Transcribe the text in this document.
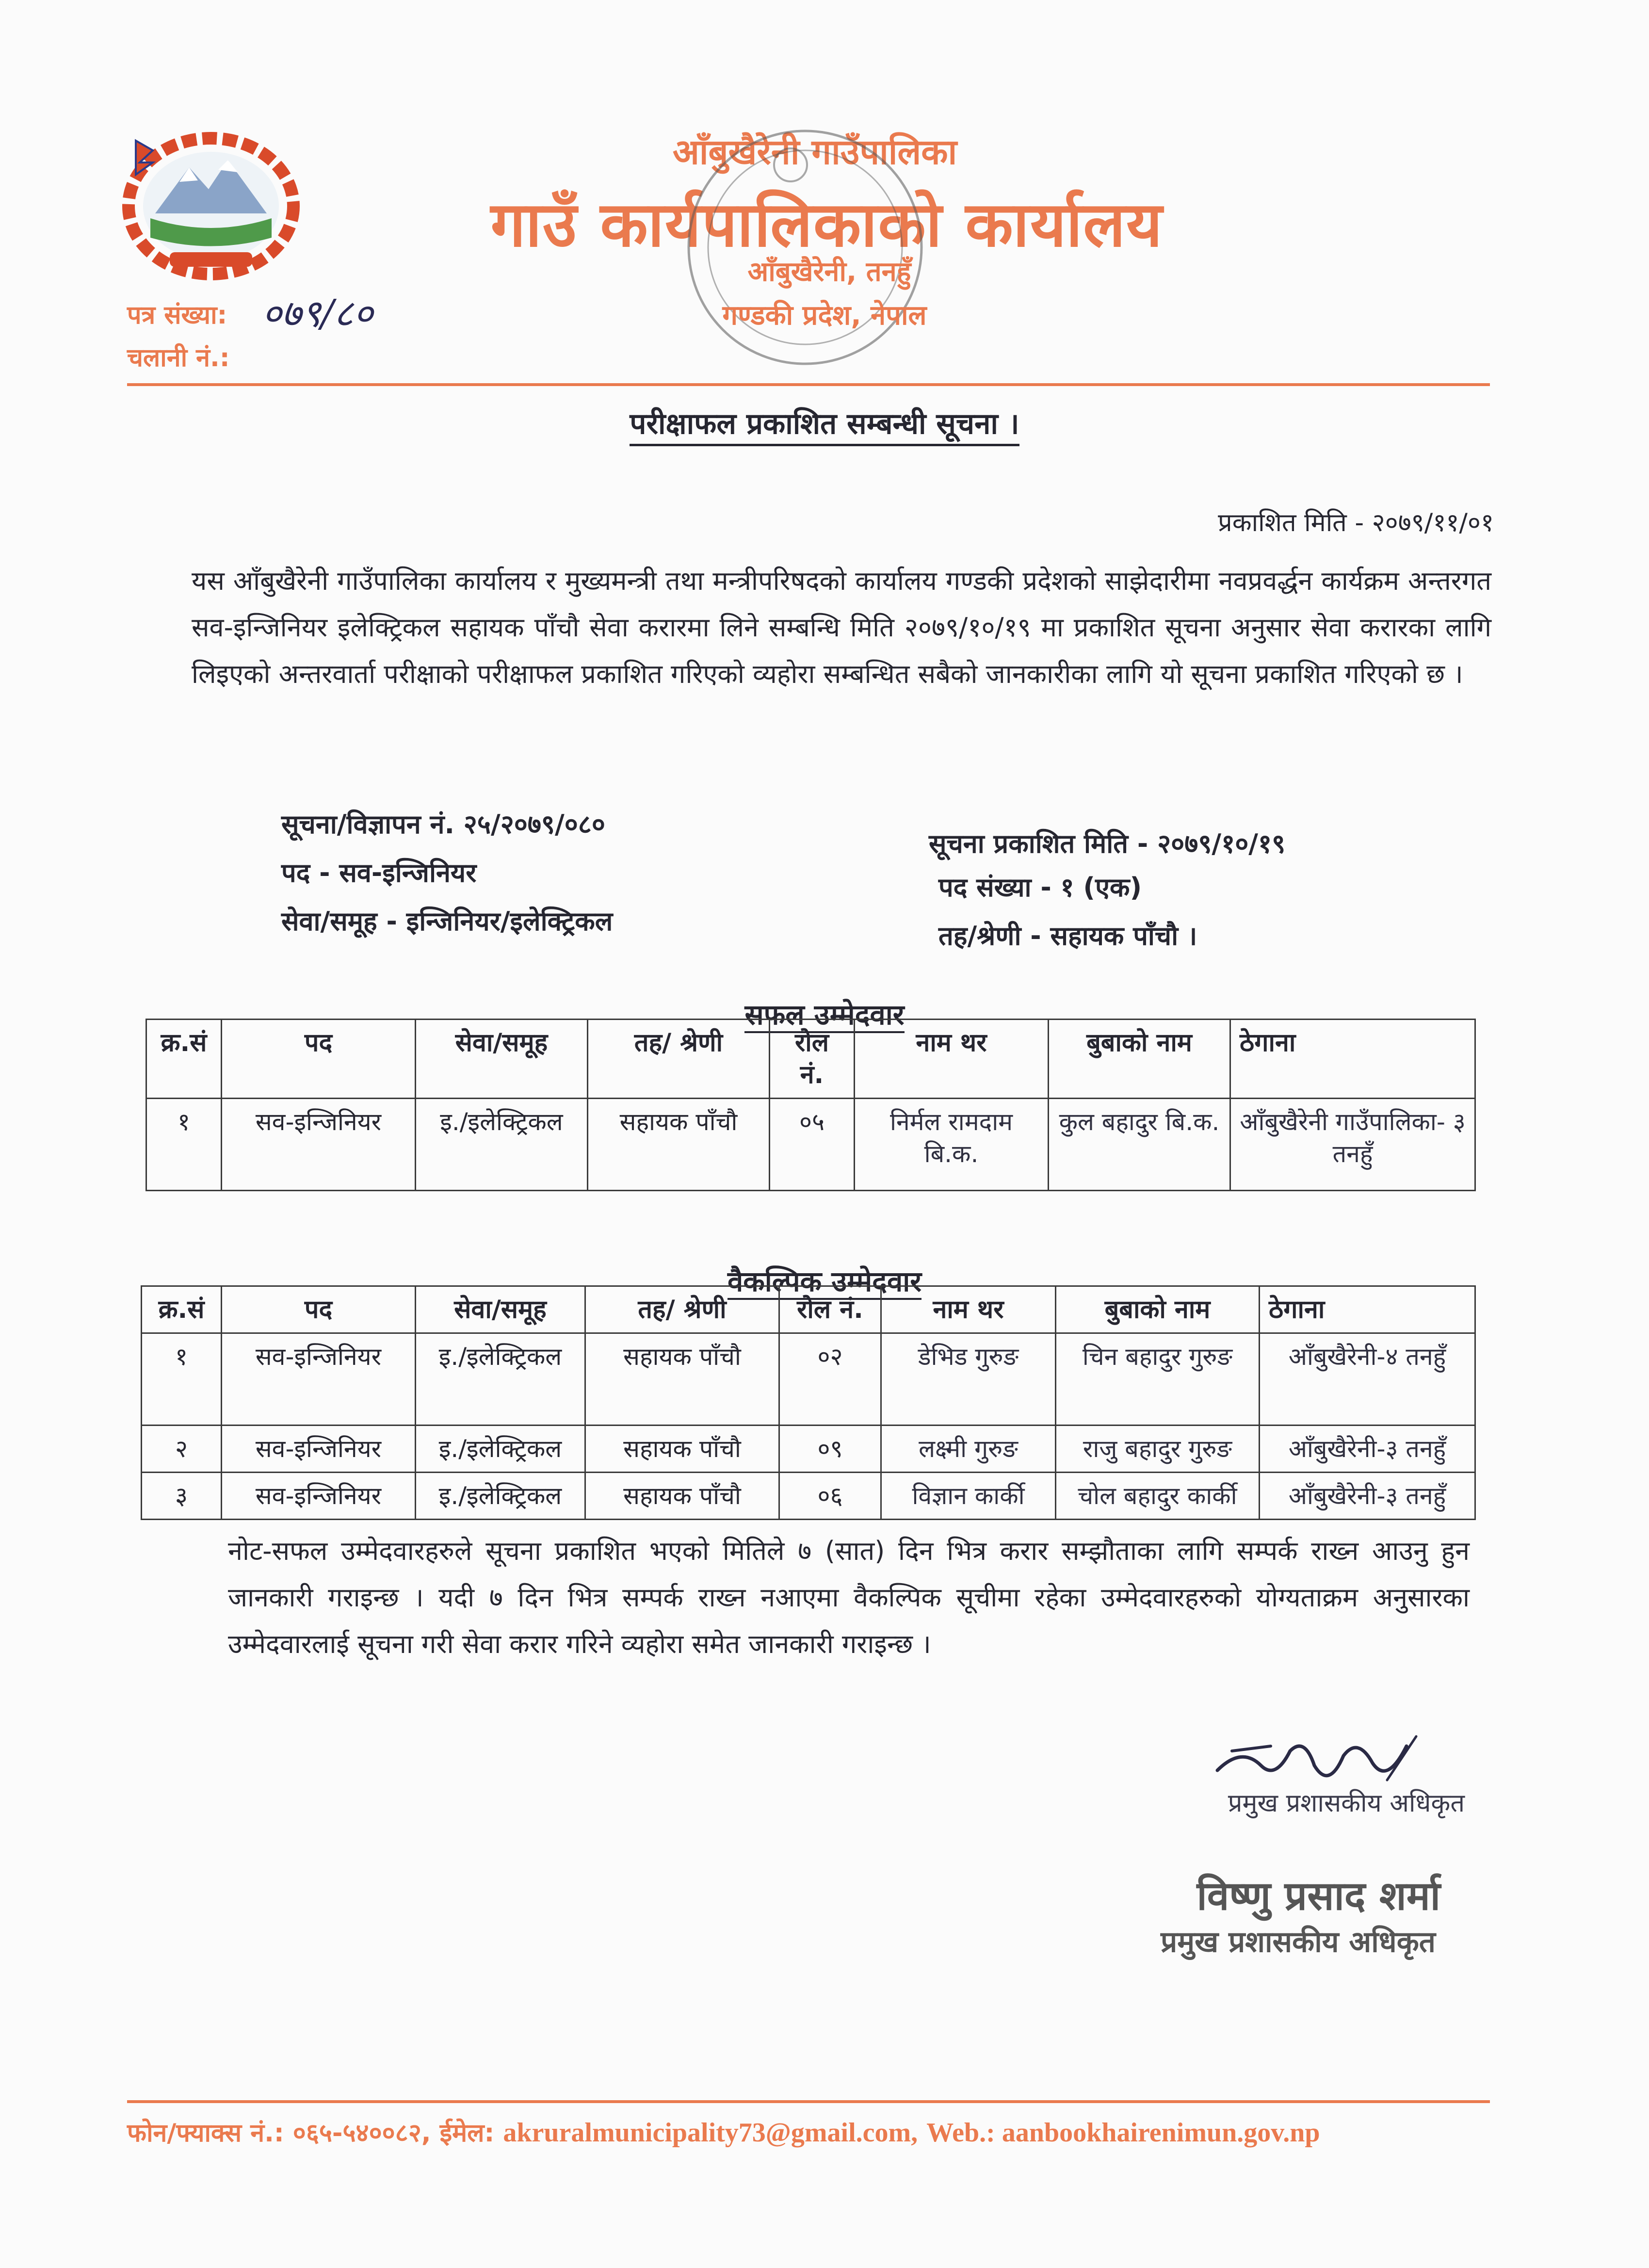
आँबुखैरेनी गाउँपालिका
गाउँ कार्यपालिकाको कार्यालय
आँबुखैरेनी, तनहुँ
गण्डकी प्रदेश, नेपाल
पत्र संख्या: ०७९/८०
चलानी नं.:
परीक्षाफल प्रकाशित सम्बन्धी सूचना ।
प्रकाशित मिति - २०७९/११/०१
यस आँबुखैरेनी गाउँपालिका कार्यालय र मुख्यमन्त्री तथा मन्त्रीपरिषदको कार्यालय गण्डकी प्रदेशको साझेदारीमा नवप्रवर्द्धन कार्यक्रम अन्तरगत सव-इन्जिनियर इलेक्ट्रिकल सहायक पाँचौ सेवा करारमा लिने सम्बन्धि मिति २०७९/१०/१९ मा प्रकाशित सूचना अनुसार सेवा करारका लागि लिइएको अन्तरवार्ता परीक्षाको परीक्षाफल प्रकाशित गरिएको व्यहोरा सम्बन्धित सबैको जानकारीका लागि यो सूचना प्रकाशित गरिएको छ ।
सूचना/विज्ञापन नं. २५/२०७९/०८०
पद - सव-इन्जिनियर
सेवा/समूह - इन्जिनियर/इलेक्ट्रिकल
सूचना प्रकाशित मिति - २०७९/१०/१९
पद संख्या - १ (एक)
तह/श्रेणी - सहायक पाँचौ ।
सफल उम्मेदवार
क्र.सं	पद	सेवा/समूह	तह/ श्रेणी	रोल नं.	नाम थर	बुबाको नाम	ठेगाना
१	सव-इन्जिनियर	इ./इलेक्ट्रिकल	सहायक पाँचौ	०५	निर्मल रामदाम बि.क.	कुल बहादुर बि.क.	आँबुखैरेनी गाउँपालिका- ३ तनहुँ
वैकल्पिक उम्मेदवार
क्र.सं	पद	सेवा/समूह	तह/ श्रेणी	रोल नं.	नाम थर	बुबाको नाम	ठेगाना
१	सव-इन्जिनियर	इ./इलेक्ट्रिकल	सहायक पाँचौ	०२	डेभिड गुरुङ	चिन बहादुर गुरुङ	आँबुखैरेनी-४ तनहुँ
२	सव-इन्जिनियर	इ./इलेक्ट्रिकल	सहायक पाँचौ	०९	लक्ष्मी गुरुङ	राजु बहादुर गुरुङ	आँबुखैरेनी-३ तनहुँ
३	सव-इन्जिनियर	इ./इलेक्ट्रिकल	सहायक पाँचौ	०६	विज्ञान कार्की	चोल बहादुर कार्की	आँबुखैरेनी-३ तनहुँ
नोट-सफल उम्मेदवारहरुले सूचना प्रकाशित भएको मितिले ७ (सात) दिन भित्र करार सम्झौताका लागि सम्पर्क राख्न आउनु हुन जानकारी गराइन्छ । यदी ७ दिन भित्र सम्पर्क राख्न नआएमा वैकल्पिक सूचीमा रहेका उम्मेदवारहरुको योग्यताक्रम अनुसारका उम्मेदवारलाई सूचना गरी सेवा करार गरिने व्यहोरा समेत जानकारी गराइन्छ ।
प्रमुख प्रशासकीय अधिकृत
विष्णु प्रसाद शर्मा
प्रमुख प्रशासकीय अधिकृत
फोन/फ्याक्स नं.: ०६५-५४००८२, ईमेल: akruralmunicipality73@gmail.com, Web.: aanbookhairenimun.gov.np
